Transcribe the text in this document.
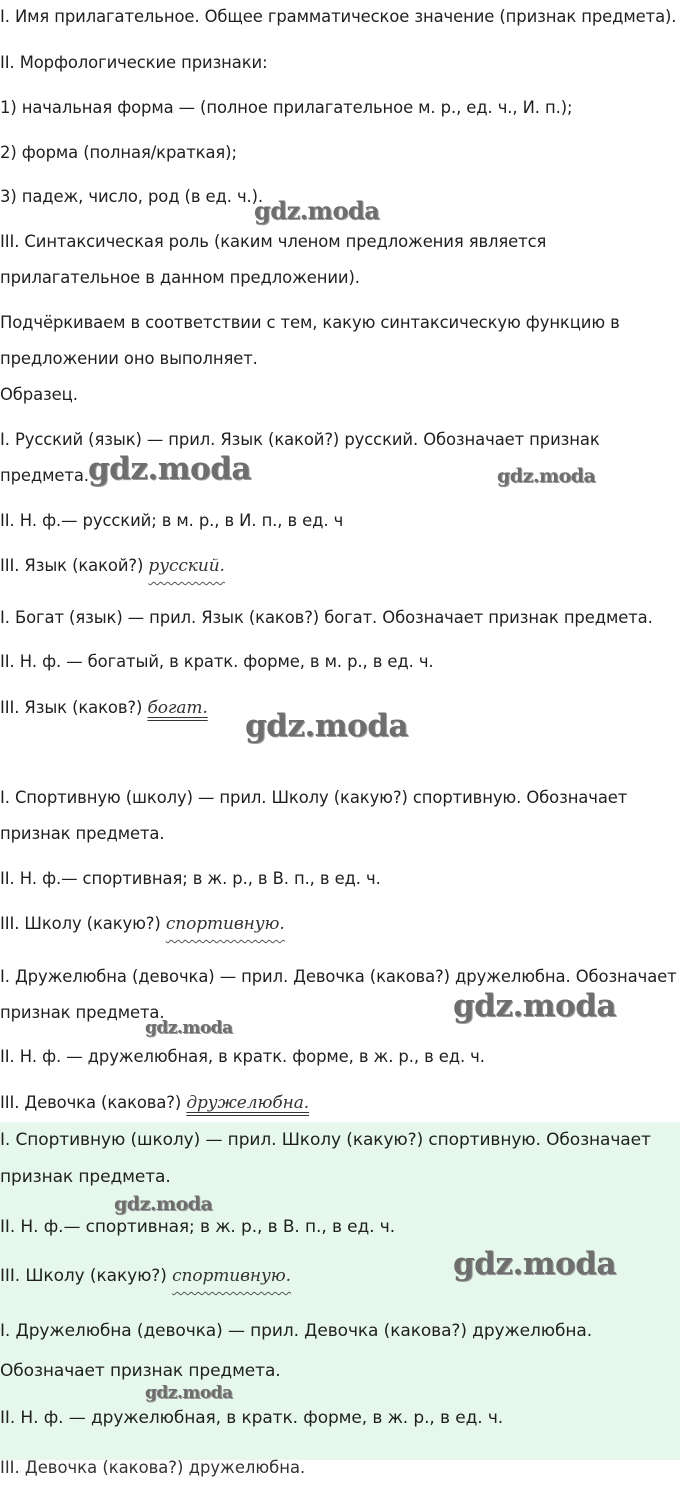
I. Имя прилагательное. Общее грамматическое значение (признак предмета).
II. Морфологические признаки:
1) начальная форма — (полное прилагательное м. р., ед. ч., И. п.);
2) форма (полная/краткая);
3) падеж, число, род (в ед. ч.).
III. Синтаксическая роль (каким членом предложения является
прилагательное в данном предложении).
Подчёркиваем в соответствии с тем, какую синтаксическую функцию в
предложении оно выполняет.
Образец.
I. Русский (язык) — прил. Язык (какой?) русский. Обозначает признак
предмета.
II. Н. ф.— русский; в м. р., в И. п., в ед. ч
III. Язык (какой?) русский.
I. Богат (язык) — прил. Язык (каков?) богат. Обозначает признак предмета.
II. Н. ф. — богатый, в кратк. форме, в м. р., в ед. ч.
III. Язык (каков?) богат.
I. Спортивную (школу) — прил. Школу (какую?) спортивную. Обозначает
признак предмета.
II. Н. ф.— спортивная; в ж. р., в В. п., в ед. ч.
III. Школу (какую?) спортивную.
I. Дружелюбна (девочка) — прил. Девочка (какова?) дружелюбна. Обозначает
признак предмета.
II. Н. ф. — дружелюбная, в кратк. форме, в ж. р., в ед. ч.
III. Девочка (какова?) дружелюбна.
I. Спортивную (школу) — прил. Школу (какую?) спортивную. Обозначает
признак предмета.
II. Н. ф.— спортивная; в ж. р., в В. п., в ед. ч.
III. Школу (какую?) спортивную.
I. Дружелюбна (девочка) — прил. Девочка (какова?) дружелюбна.
Обозначает признак предмета.
II. Н. ф. — дружелюбная, в кратк. форме, в ж. р., в ед. ч.
III. Девочка (какова?) дружелюбна.
gdz.moda
gdz.moda	gdz.moda
gdz.moda
gdz.moda
gdz.moda
gdz.moda
gdz.moda
gdz.moda
